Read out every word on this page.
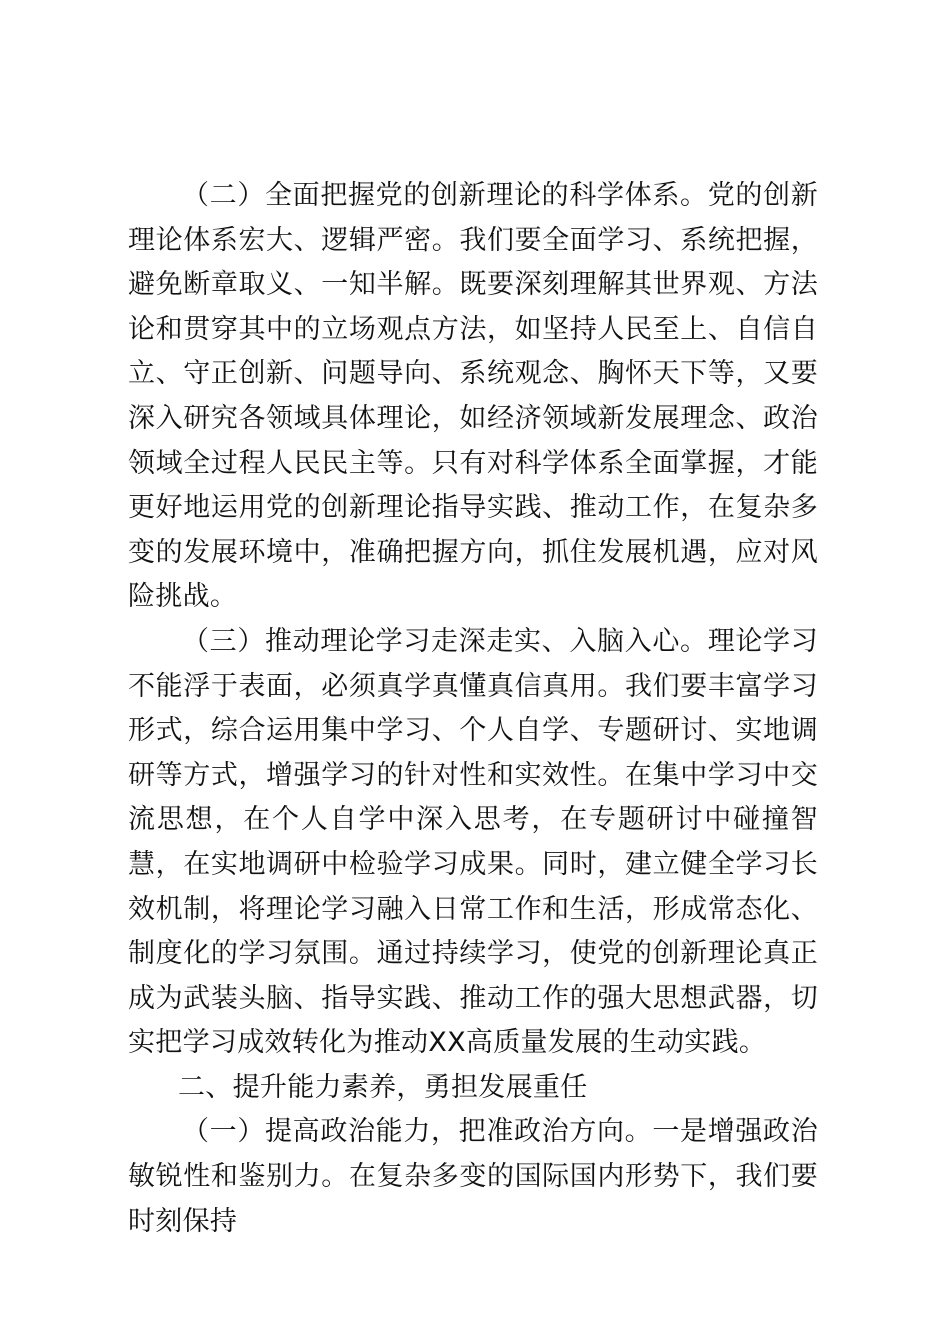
（二）全面把握党的创新理论的科学体系。党的创新理论体系宏大、逻辑严密。我们要全面学习、系统把握，避免断章取义、一知半解。既要深刻理解其世界观、方法论和贯穿其中的立场观点方法，如坚持人民至上、自信自立、守正创新、问题导向、系统观念、胸怀天下等，又要深入研究各领域具体理论，如经济领域新发展理念、政治领域全过程人民民主等。只有对科学体系全面掌握，才能更好地运用党的创新理论指导实践、推动工作，在复杂多变的发展环境中，准确把握方向，抓住发展机遇，应对风险挑战。

（三）推动理论学习走深走实、入脑入心。理论学习不能浮于表面，必须真学真懂真信真用。我们要丰富学习形式，综合运用集中学习、个人自学、专题研讨、实地调研等方式，增强学习的针对性和实效性。在集中学习中交流思想，在个人自学中深入思考，在专题研讨中碰撞智慧，在实地调研中检验学习成果。同时，建立健全学习长效机制，将理论学习融入日常工作和生活，形成常态化、制度化的学习氛围。通过持续学习，使党的创新理论真正成为武装头脑、指导实践、推动工作的强大思想武器，切实把学习成效转化为推动XX高质量发展的生动实践。

二、提升能力素养，勇担发展重任

（一）提高政治能力，把准政治方向。一是增强政治敏锐性和鉴别力。在复杂多变的国际国内形势下，我们要时刻保持
